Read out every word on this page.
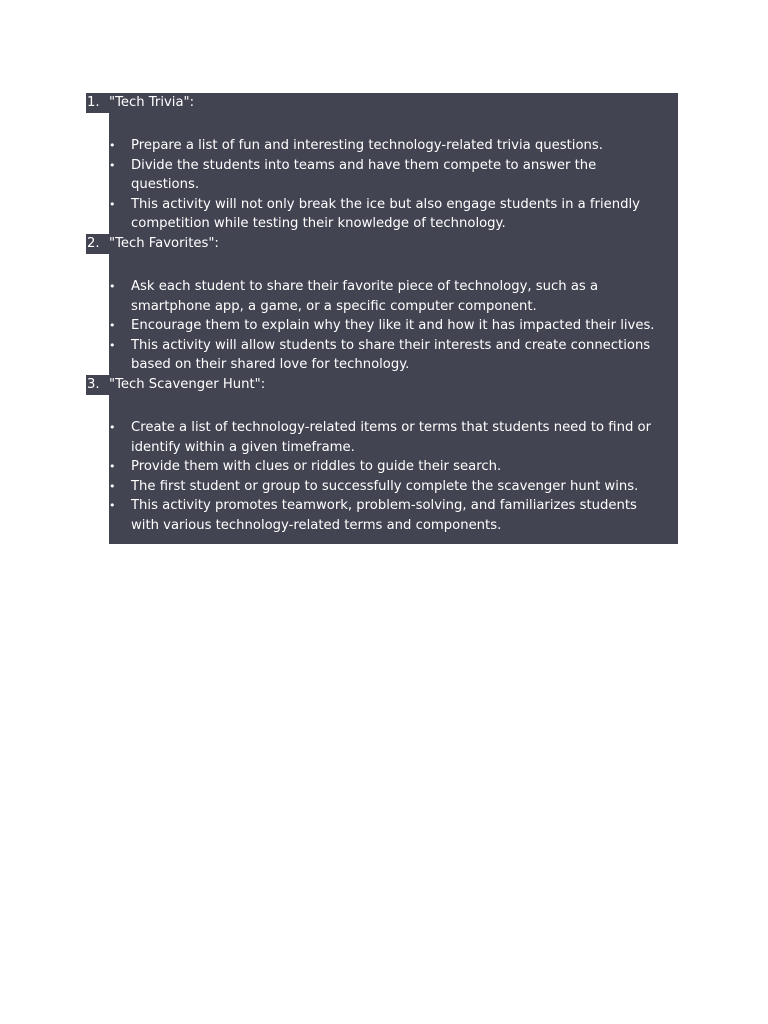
1. "Tech Trivia":
• Prepare a list of fun and interesting technology-related trivia questions.
• Divide the students into teams and have them compete to answer the questions.
• This activity will not only break the ice but also engage students in a friendly competition while testing their knowledge of technology.
2. "Tech Favorites":
• Ask each student to share their favorite piece of technology, such as a smartphone app, a game, or a specific computer component.
• Encourage them to explain why they like it and how it has impacted their lives.
• This activity will allow students to share their interests and create connections based on their shared love for technology.
3. "Tech Scavenger Hunt":
• Create a list of technology-related items or terms that students need to find or identify within a given timeframe.
• Provide them with clues or riddles to guide their search.
• The first student or group to successfully complete the scavenger hunt wins.
• This activity promotes teamwork, problem-solving, and familiarizes students with various technology-related terms and components.
